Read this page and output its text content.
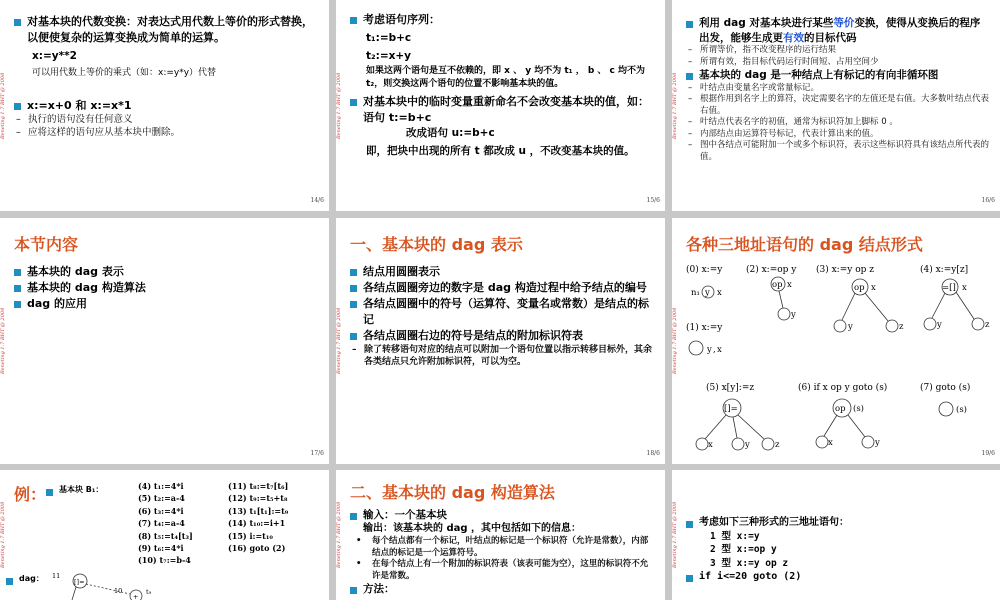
Beneting 1.7 BHT @ 2008
对基本块的代数变换：对表达式用代数上等价的形式替换，以便使复杂的运算变换成为简单的运算。
x:=y**2
可以用代数上等价的乘式（如：x:=y*y）代替
x:=x+0 和 x:=x*1
– 执行的语句没有任何意义
– 应将这样的语句应从基本块中删除。
14/6
Beneting 1.7 BHT @ 2008
考虑语句序列：
t₁:=b+c
t₂:=x+y
如果这两个语句是互不依赖的，即 x 、 y 均不为 t₁ ， b 、 c 均不为 t₂，则交换这两个语句的位置不影响基本块的值。
对基本块中的临时变量重新命名不会改变基本块的值，如：语句 t:=b+c
改成语句 u:=b+c
即，把块中出现的所有 t 都改成 u ，不改变基本块的值。
15/6
Beneting 1.7 BHT @ 2008
利用 dag 对基本块进行某些等价变换，使得从变换后的程序出发，能够生成更有效的目标代码
– 所谓等价，指不改变程序的运行结果
– 所谓有效，指目标代码运行时间短、占用空间少
基本块的 dag 是一种结点上有标记的有向非循环图
– 叶结点由变量名字或常量标记。
– 根据作用到名字上的算符，决定需要名字的左值还是右值。大多数叶结点代表右值。
– 叶结点代表名字的初值，通常为标识符加上脚标 0 。
– 内部结点由运算符号标记，代表计算出来的值。
– 图中各结点可能附加一个或多个标识符，表示这些标识符具有该结点所代表的值。
16/6
Beneting 1.7 BHT @ 2008
本节内容
基本块的 dag 表示
基本块的 dag 构造算法
dag 的应用
17/6
Beneting 1.7 BHT @ 2008
一、基本块的 dag 表示
结点用圆圈表示
各结点圆圈旁边的数字是 dag 构造过程中给予结点的编号
各结点圆圈中的符号（运算符、变量名或常数）是结点的标记
各结点圆圈右边的符号是结点的附加标识符表
– 除了转移语句对应的结点可以附加一个语句位置以指示转移目标外，其余各类结点只允许附加标识符，可以为空。
18/6
Beneting 1.7 BHT @ 2008
各种三地址语句的 dag 结点形式
(0) x:=y	(2) x:=op y (3) x:=y op z	(4) x:=y[z]
(1) x:=y
(5) x[y]:=z	(6) if x op y goto (s)	(7) goto (s)
n₁ y x
op x
y
op x
y	z
=[] x
y	z
y , x
[]=
x	y	z
op (s)
x	y
(s)
19/6
Beneting 1.7 BHT @ 2008
例：	基本块 B₁：	(4) t₁:=4*i
(5) t₂:=a-4
(6) t₃:=4*i
(7) t₄:=a-4
(8) t₅:=t₄[t₃]
(9) t₆:=4*i
(10) t₇:=b-4
(11) t₈:=t₇[t₆]
(12) t₉:=t₅+t₈
(13) t₁[t₁]:=t₉
(14) t₁₀:=i+1
(15) i:=t₁₀
(16) goto (2)
dag： 11
[]=
10
+
t₉
Beneting 1.7 BHT @ 2008
二、基本块的 dag 构造算法
输入：一个基本块
输出：该基本块的 dag ，其中包括如下的信息：
• 每个结点都有一个标记，叶结点的标记是一个标识符（允许是常数），内部结点的标记是一个运算符号。
• 在每个结点上有一个附加的标识符表（该表可能为空），这里的标识符不允许是常数。
方法：
Beneting 1.7 BHT @ 2008	考虑如下三种形式的三地址语句：
1 型 x:=y
2 型 x:=op y
3 型 x:=y op z
if i<=20 goto (2)
